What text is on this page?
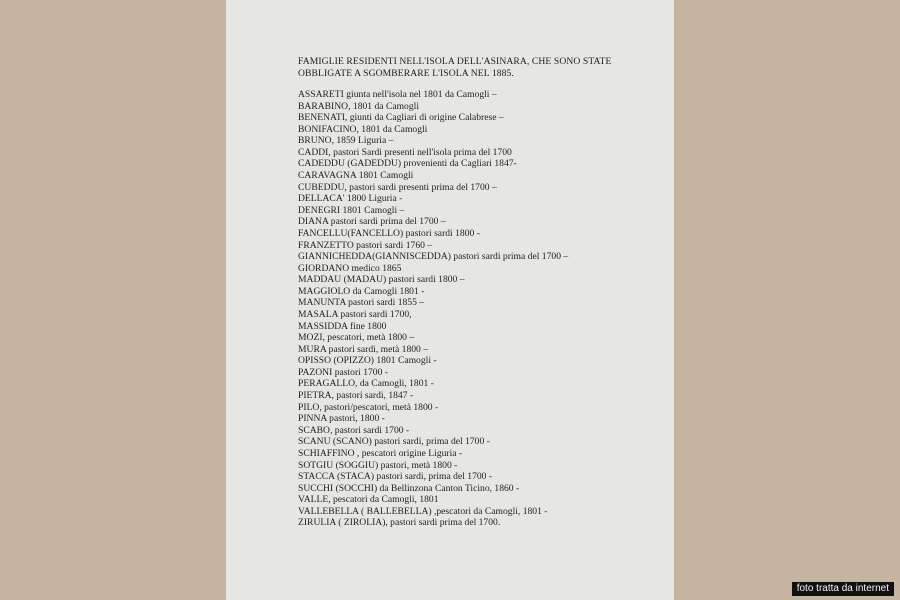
FAMIGLIE RESIDENTI NELL'ISOLA DELL'ASINARA, CHE SONO STATE
OBBLIGATE A SGOMBERARE L'ISOLA NEL 1885.
ASSARETI giunta nell'isola nel 1801 da Camogli –
BARABINO, 1801 da Camogli
BENENATI, giunti da Cagliari di origine Calabrese –
BONIFACINO, 1801 da Camogli
BRUNO, 1859 Liguria –
CADDI, pastori Sardi presenti nell'isola prima del 1700
CADEDDU (GADEDDU) provenienti da Cagliari 1847-
CARAVAGNA 1801 Camogli
CUBEDDU, pastori sardi presenti prima del 1700 –
DELLACA' 1800 Liguria -
DENEGRI 1801 Camogli –
DIANA pastori sardi prima del 1700 –
FANCELLU(FANCELLO) pastori sardi 1800 -
FRANZETTO pastori sardi 1760 –
GIANNICHEDDA(GIANNISCEDDA) pastori sardi prima del 1700 –
GIORDANO medico 1865
MADDAU (MADAU) pastori sardi 1800 –
MAGGIOLO da Camogli 1801 -
MANUNTA pastori sardi 1855 –
MASALA pastori sardi 1700,
MASSIDDA fine 1800
MOZI, pescatori, metà 1800 –
MURA pastori sardi, metà 1800 –
OPISSO (OPIZZO) 1801 Camogli -
PAZONI pastori 1700 -
PERAGALLO, da Camogli, 1801 -
PIETRA, pastori sardi, 1847 -
PILO, pastori/pescatori, metà 1800 -
PINNA pastori, 1800 -
SCABO, pastori sardi 1700 -
SCANU (SCANO) pastori sardi, prima del 1700 -
SCHIAFFINO , pescatori origine Liguria -
SOTGIU (SOGGIU) pastori, metà 1800 -
STACCA (STACA) pastori sardi, prima del 1700 -
SUCCHI (SOCCHI) da Bellinzona Canton Ticino, 1860 -
VALLE, pescatori da Camogli, 1801
VALLEBELLA ( BALLEBELLA) ,pescatori da Camogli, 1801 -
ZIRULIA ( ZIROLIA), pastori sardi prima del 1700.
foto tratta da internet
